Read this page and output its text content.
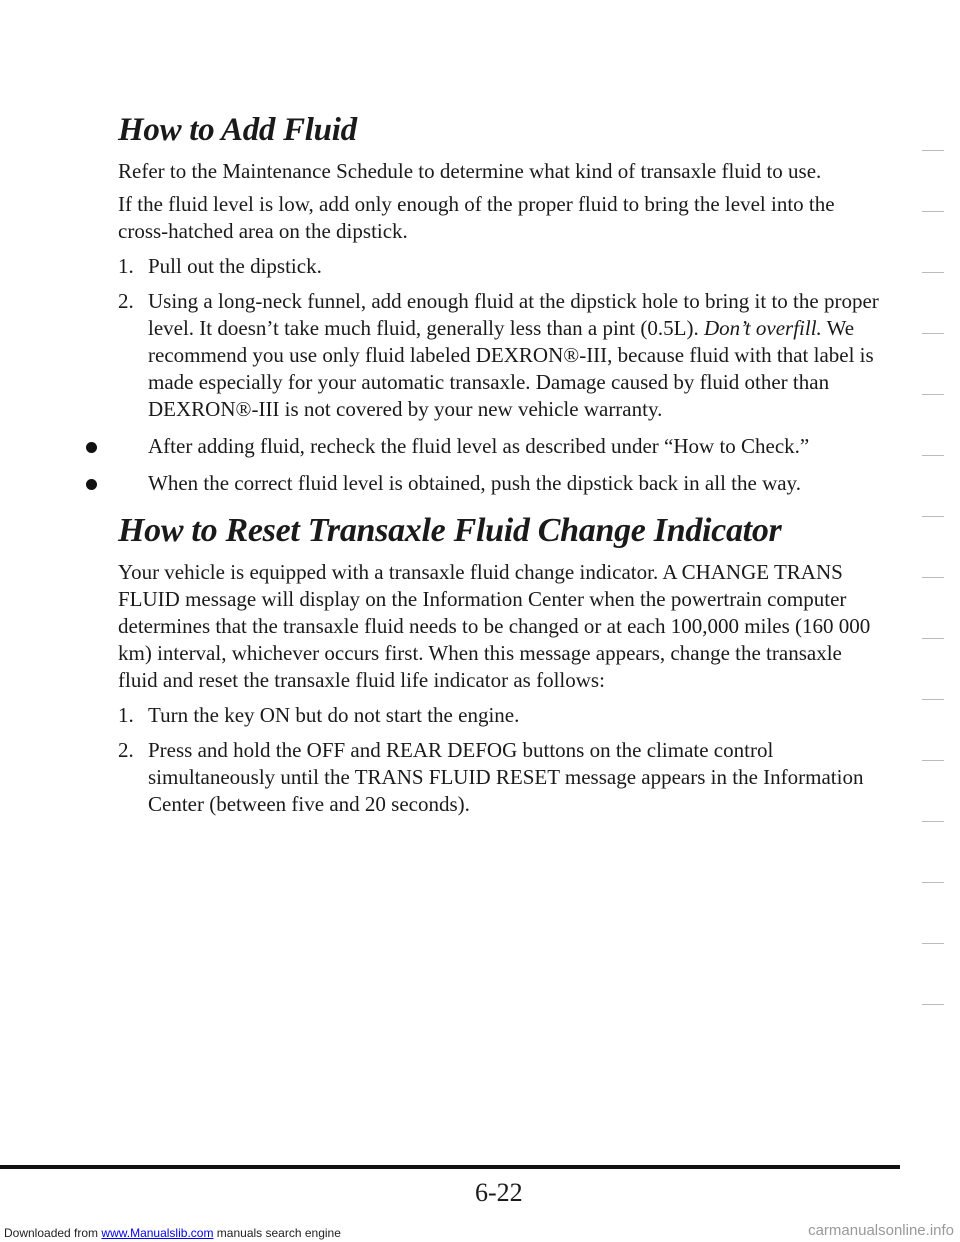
How to Add Fluid

Refer to the Maintenance Schedule to determine what kind of transaxle fluid to use.

If the fluid level is low, add only enough of the proper fluid to bring the level into the cross-hatched area on the dipstick.

1. Pull out the dipstick.
2. Using a long-neck funnel, add enough fluid at the dipstick hole to bring it to the proper level. It doesn’t take much fluid, generally less than a pint (0.5L). Don’t overfill. We recommend you use only fluid labeled DEXRON®-III, because fluid with that label is made especially for your automatic transaxle. Damage caused by fluid other than DEXRON®-III is not covered by your new vehicle warranty.
After adding fluid, recheck the fluid level as described under “How to Check.”
When the correct fluid level is obtained, push the dipstick back in all the way.
How to Reset Transaxle Fluid Change Indicator

Your vehicle is equipped with a transaxle fluid change indicator. A CHANGE TRANS FLUID message will display on the Information Center when the powertrain computer determines that the transaxle fluid needs to be changed or at each 100,000 miles (160 000 km) interval, whichever occurs first. When this message appears, change the transaxle fluid and reset the transaxle fluid life indicator as follows:

1. Turn the key ON but do not start the engine.
2. Press and hold the OFF and REAR DEFOG buttons on the climate control simultaneously until the TRANS FLUID RESET message appears in the Information Center (between five and 20 seconds).
6-22
Downloaded from www.Manualslib.com manuals search engine	carmanualsonline.info
